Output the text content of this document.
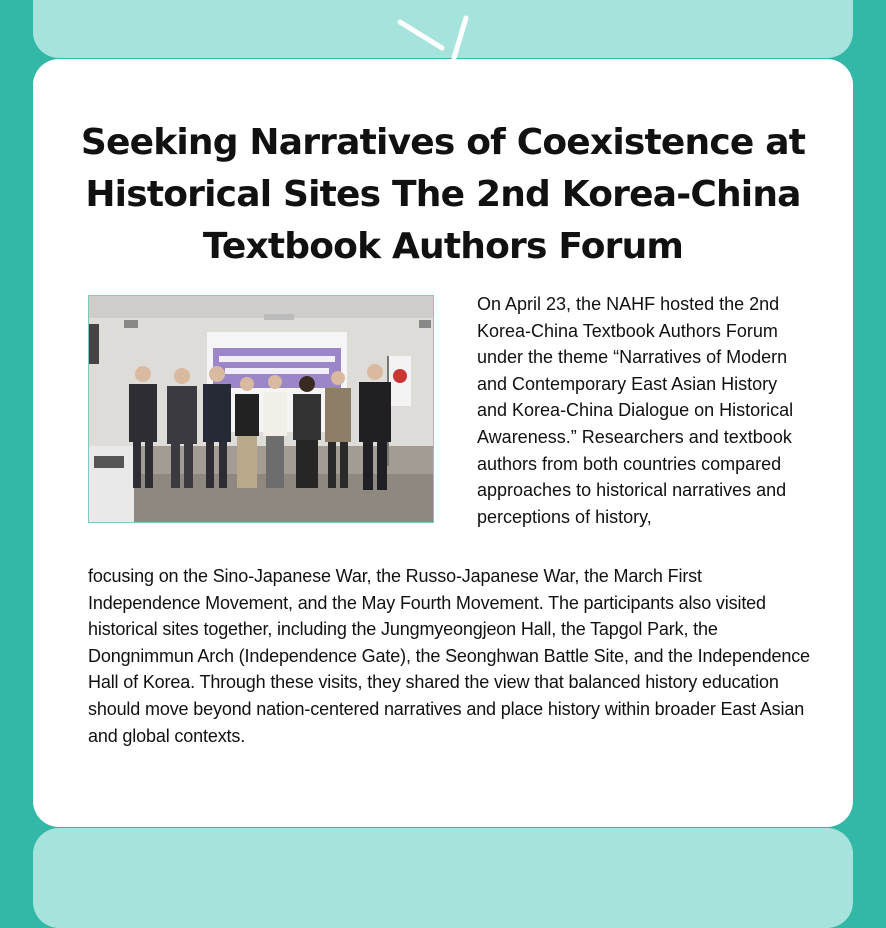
Seeking Narratives of Coexistence at Historical Sites The 2nd Korea-China Textbook Authors Forum

On April 23, the NAHF hosted the 2nd Korea-China Textbook Authors Forum under the theme “Narratives of Modern and Contemporary East Asian History and Korea-China Dialogue on Historical Awareness.” Researchers and textbook authors from both countries compared approaches to historical narratives and perceptions of history,

focusing on the Sino-Japanese War, the Russo-Japanese War, the March First Independence Movement, and the May Fourth Movement. The participants also visited historical sites together, including the Jungmyeongjeon Hall, the Tapgol Park, the Dongnimmun Arch (Independence Gate), the Seonghwan Battle Site, and the Independence Hall of Korea. Through these visits, they shared the view that balanced history education should move beyond nation-centered narratives and place history within broader East Asian and global contexts.
